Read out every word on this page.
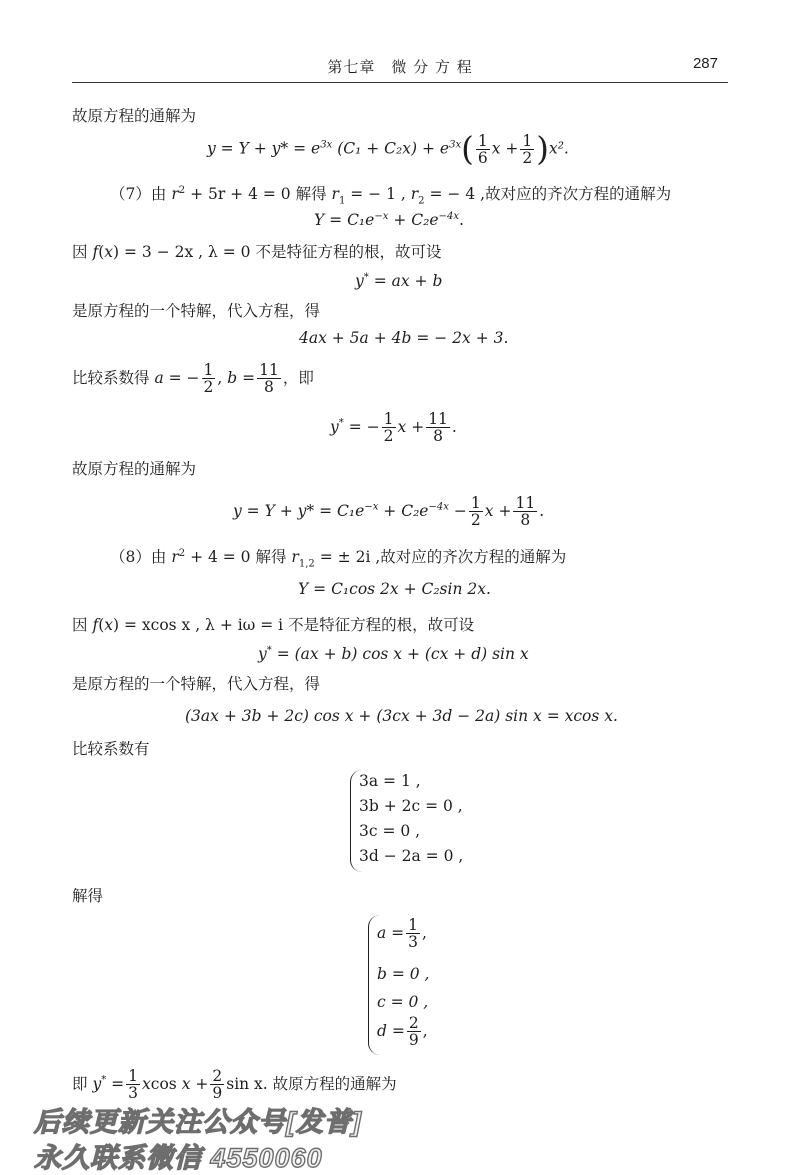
第七章　微 分 方 程	287
故原方程的通解为
$y = Y + y* = e^{3x}$ $(C_1 + C_2x) + e^{3x}( \frac{1}{6}$ $x + \frac{1}{2} )x^2$.
（7）由 $r^2 + 5r + 4 = 0$ 解得 $r_1$ = − 1 , $r_2$ = − 4 ,故对应的齐次方程的通解为
$Y = C_1e^{-x} + C_2e^{-4x}$.
因 f(x) = 3 − 2x , λ = 0 不是特征方程的根，故可设
y* = ax + b
是原方程的一个特解，代入方程，得
4ax + 5a + 4b = − 2x + 3.
比较系数得 a = − $\frac{1}{2}$ , $b = \frac{11}{8}$ ，即
y* = − $\frac{1}{2}$ $x + \frac{11}{8}$ .
故原方程的通解为
$y = Y + y* = C_1e^{-x} + C_2e^{-4x} - \frac{1}{2}$ $x + \frac{11}{8}$ .
（8）由 $r^2 + 4 = 0$ 解得 $r_{1,2}$ = ± 2i ,故对应的齐次方程的通解为
Y = C₁cos 2x + C₂sin 2x.
因 f(x) = xcos x , λ + iω = i 不是特征方程的根，故可设
y* = (ax + b) cos x + (cx + d) sin x
是原方程的一个特解，代入方程，得
(3ax + 3b + 2c) cos x + (3cx + 3d − 2a) sin x = xcos x.
比较系数有
3a = 1 ,
3b + 2c = 0 ,
3c = 0 ,
3d − 2a = 0 ,
解得
$a = \frac{1}{3}$ ,
b = 0 ,
c = 0 ,
$d = \frac{2}{9}$ ,
即 $y^* = \frac{1}{3}$ xcos $x + \frac{2}{9}$ sin x. 故原方程的通解为
后续更新关注公众号[发普]
永久联系微信 4550060
